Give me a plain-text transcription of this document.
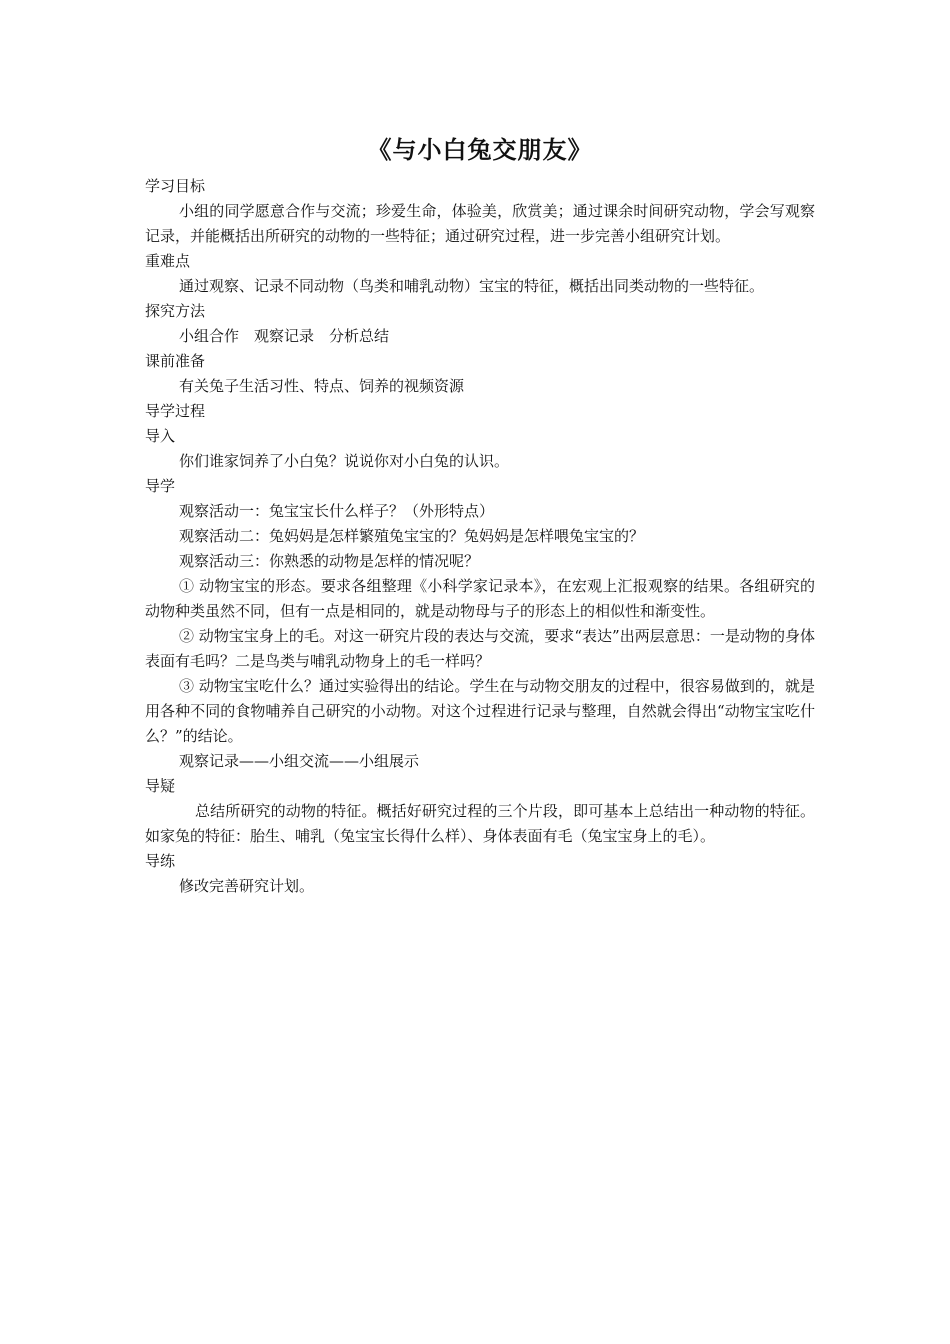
《与小白兔交朋友》

学习目标

小组的同学愿意合作与交流；珍爱生命，体验美，欣赏美；通过课余时间研究动物，学会写观察记录，并能概括出所研究的动物的一些特征；通过研究过程，进一步完善小组研究计划。

重难点

通过观察、记录不同动物（鸟类和哺乳动物）宝宝的特征，概括出同类动物的一些特征。

探究方法

小组合作　观察记录　分析总结

课前准备

有关兔子生活习性、特点、饲养的视频资源

导学过程

导入

你们谁家饲养了小白兔？说说你对小白兔的认识。

导学

观察活动一：兔宝宝长什么样子？（外形特点）

观察活动二：兔妈妈是怎样繁殖兔宝宝的？兔妈妈是怎样喂兔宝宝的？

观察活动三：你熟悉的动物是怎样的情况呢？

① 动物宝宝的形态。要求各组整理《小科学家记录本》，在宏观上汇报观察的结果。各组研究的动物种类虽然不同，但有一点是相同的，就是动物母与子的形态上的相似性和渐变性。

② 动物宝宝身上的毛。对这一研究片段的表达与交流，要求“表达”出两层意思：一是动物的身体表面有毛吗？二是鸟类与哺乳动物身上的毛一样吗？

③ 动物宝宝吃什么？通过实验得出的结论。学生在与动物交朋友的过程中，很容易做到的，就是用各种不同的食物哺养自己研究的小动物。对这个过程进行记录与整理，自然就会得出“动物宝宝吃什么？”的结论。

观察记录——小组交流——小组展示

导疑

总结所研究的动物的特征。概括好研究过程的三个片段，即可基本上总结出一种动物的特征。如家兔的特征：胎生、哺乳（兔宝宝长得什么样）、身体表面有毛（兔宝宝身上的毛）。

导练

修改完善研究计划。
